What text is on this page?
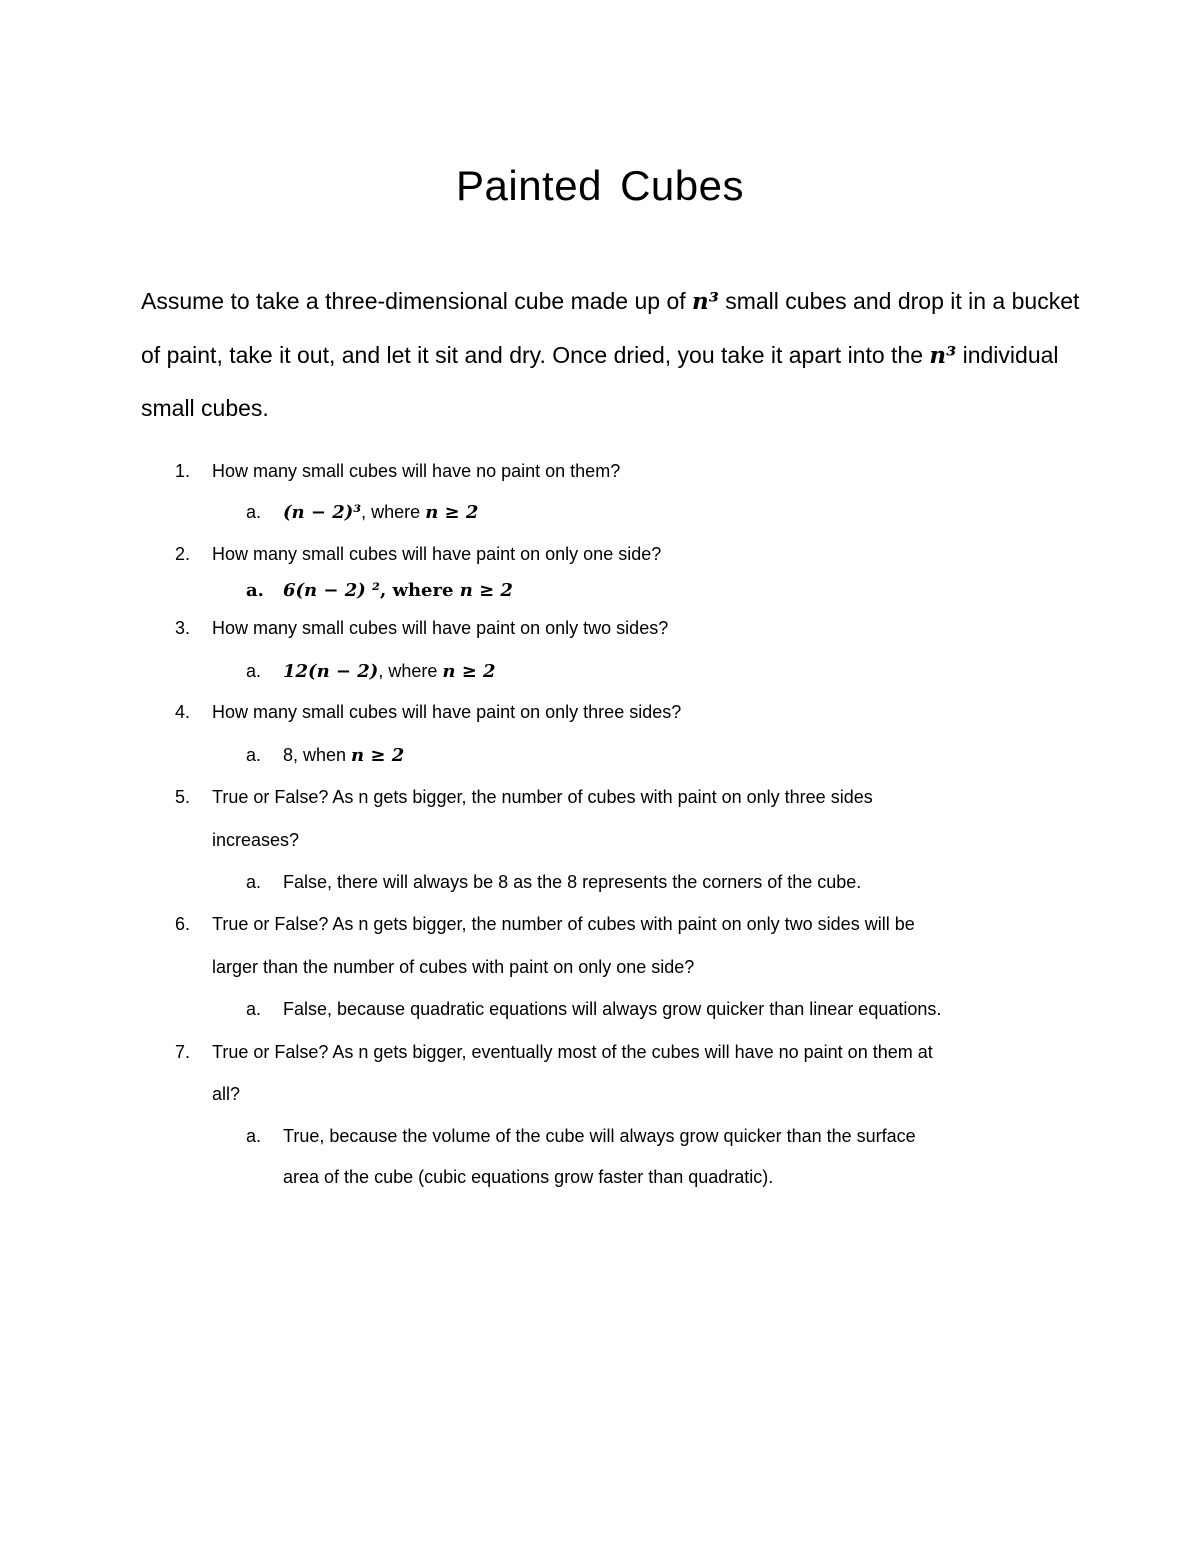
Painted Cubes

Assume to take a three-dimensional cube made up of n³ small cubes and drop it in a bucket of paint, take it out, and let it sit and dry. Once dried, you take it apart into the n³ individual small cubes.

1. How many small cubes will have no paint on them?
a. (n − 2)³, where n ≥ 2
2. How many small cubes will have paint on only one side?
a. 6(n − 2) ², where n ≥ 2
3. How many small cubes will have paint on only two sides?
a. 12(n − 2), where n ≥ 2
4. How many small cubes will have paint on only three sides?
a. 8, when n ≥ 2
5. True or False? As n gets bigger, the number of cubes with paint on only three sides
increases?
a. False, there will always be 8 as the 8 represents the corners of the cube.
6. True or False? As n gets bigger, the number of cubes with paint on only two sides will be
larger than the number of cubes with paint on only one side?
a. False, because quadratic equations will always grow quicker than linear equations.
7. True or False? As n gets bigger, eventually most of the cubes will have no paint on them at
all?
a. True, because the volume of the cube will always grow quicker than the surface
area of the cube (cubic equations grow faster than quadratic).
